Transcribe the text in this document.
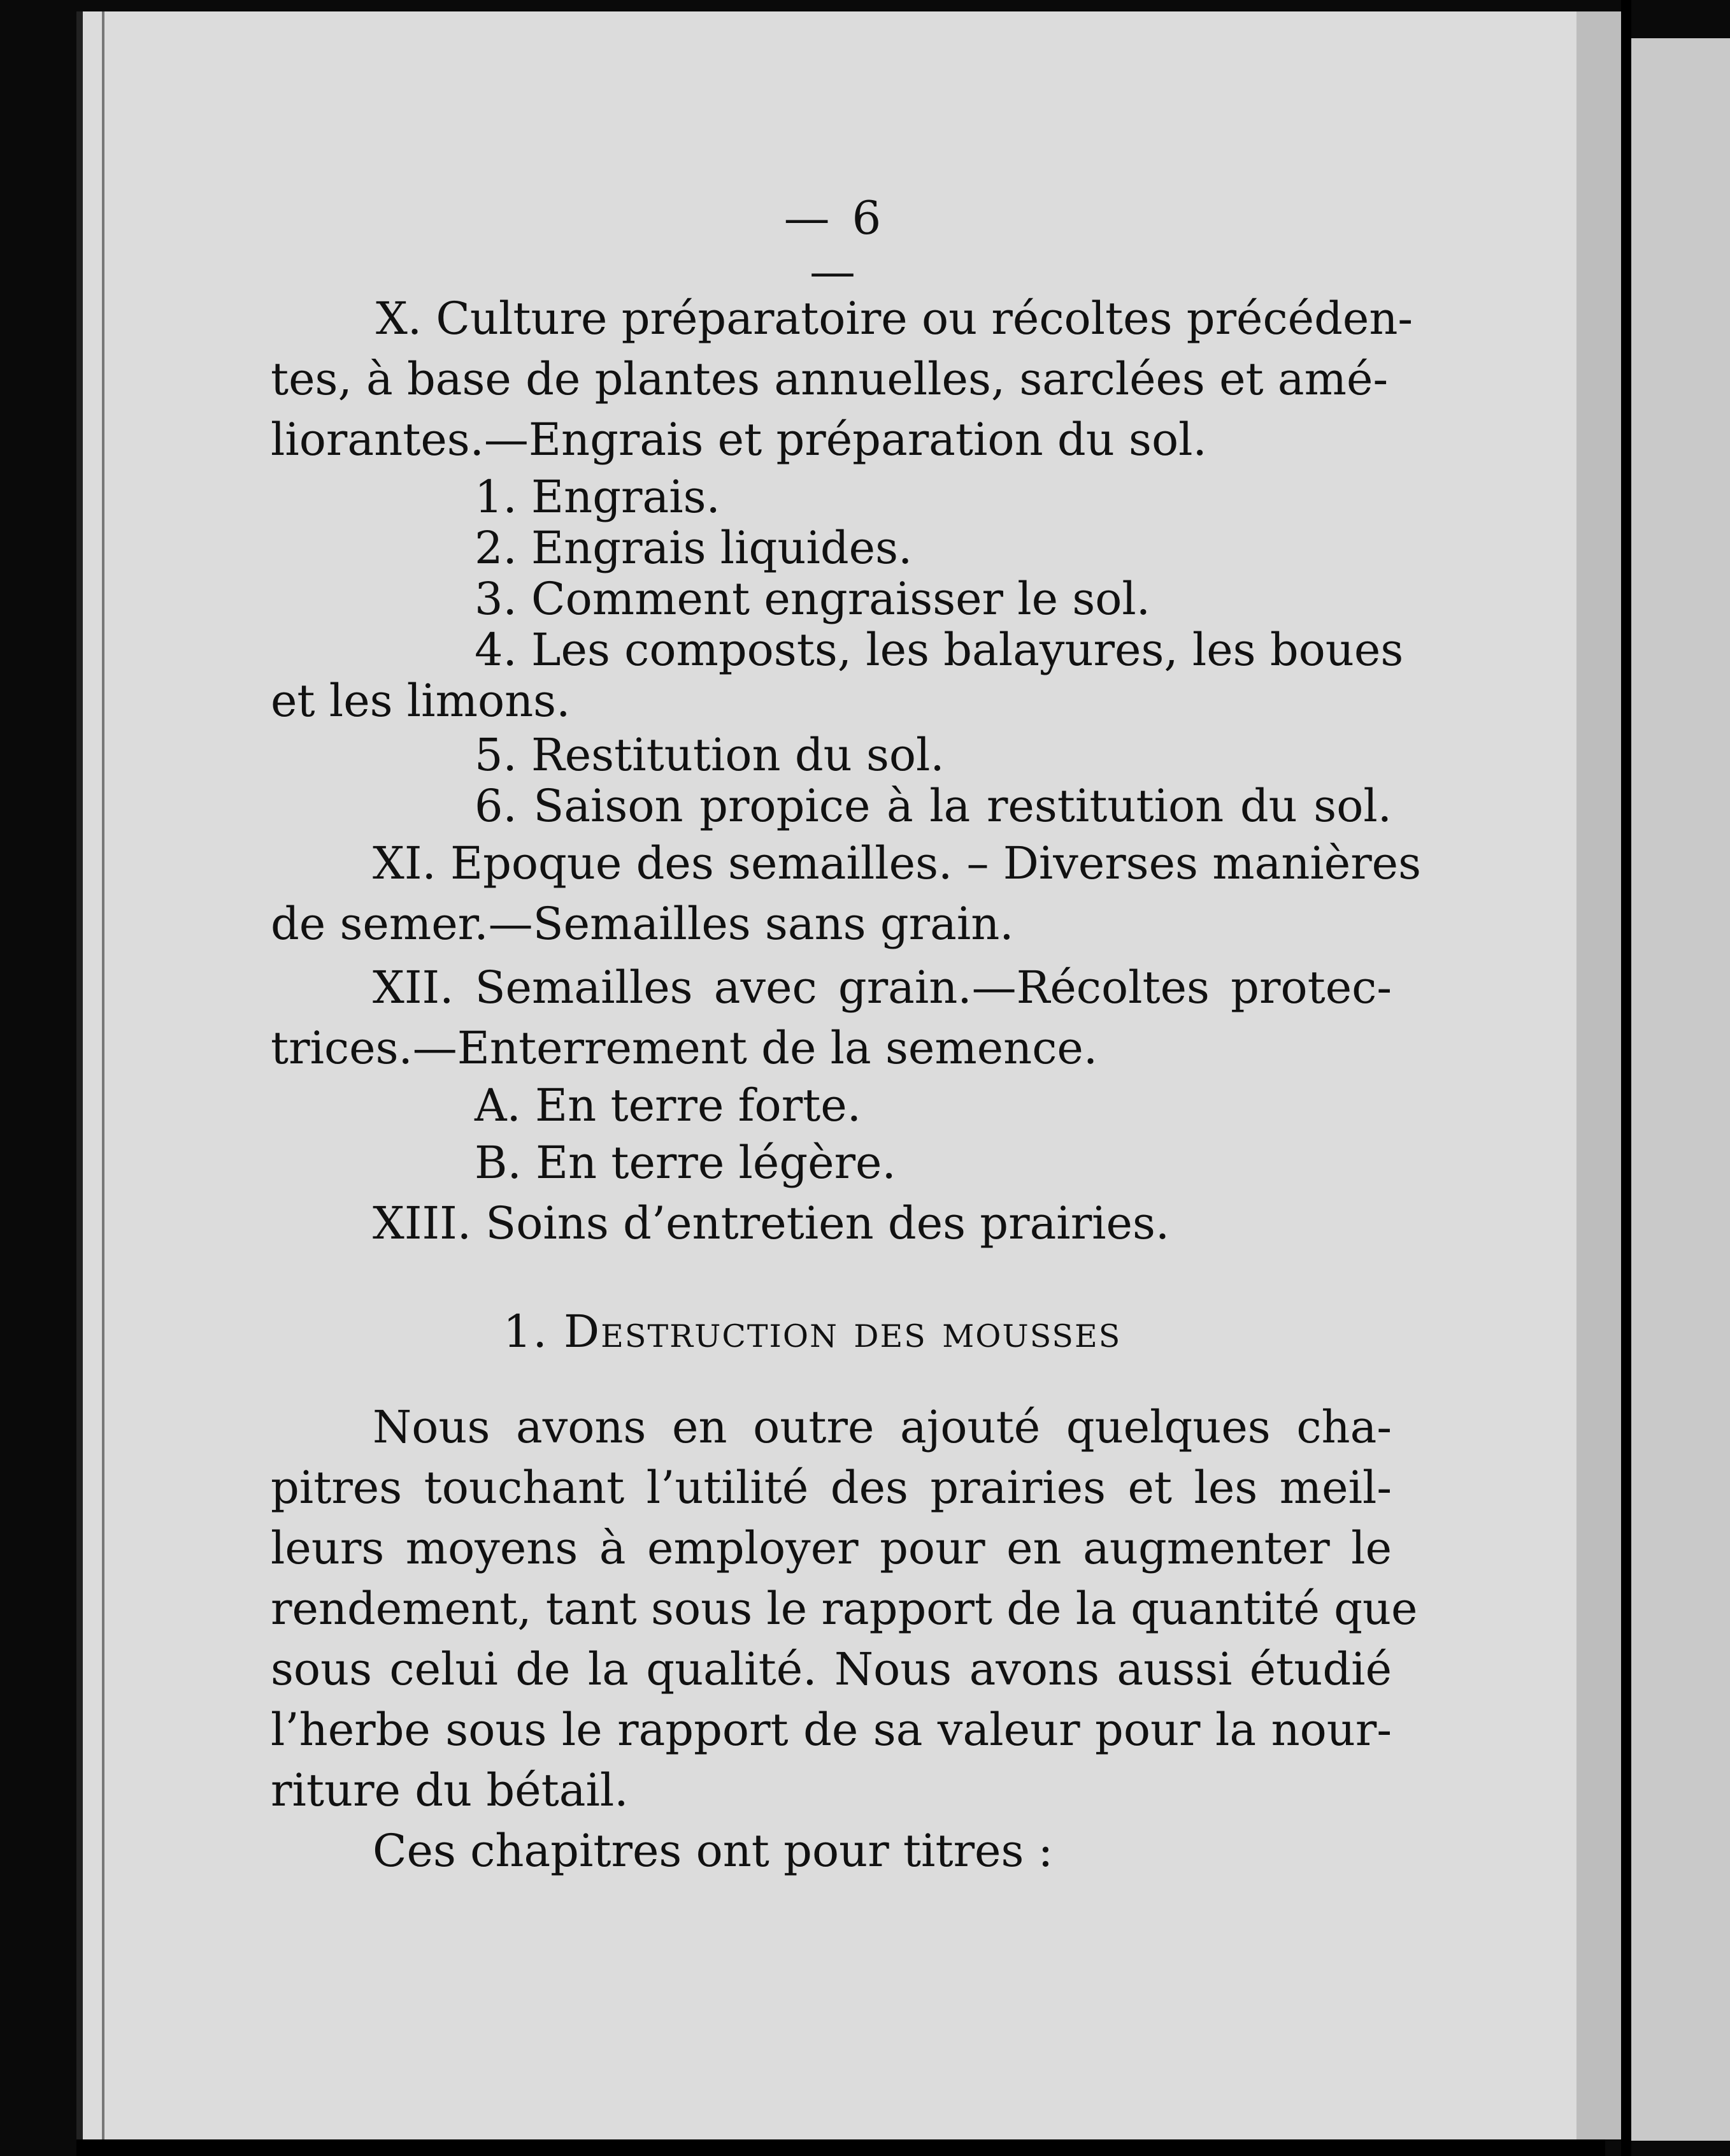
— 6 —
X. Culture préparatoire ou récoltes précéden-
tes, à base de plantes annuelles, sarclées et amé-
liorantes.—Engrais et préparation du sol.
1. Engrais.
2. Engrais liquides.
3. Comment engraisser le sol.
4. Les composts, les balayures, les boues
et les limons.
5. Restitution du sol.
6. Saison propice à la restitution du sol.
XI. Epoque des semailles. – Diverses manières
de semer.—Semailles sans grain.
XII. Semailles avec grain.—Récoltes protec-
trices.—Enterrement de la semence.
A. En terre forte.
B. En terre légère.
XIII. Soins d’entretien des prairies.
1. Destruction des mousses
Nous avons en outre ajouté quelques cha-
pitres touchant l’utilité des prairies et les meil-
leurs moyens à employer pour en augmenter le
rendement, tant sous le rapport de la quantité que
sous celui de la qualité. Nous avons aussi étudié
l’herbe sous le rapport de sa valeur pour la nour-
riture du bétail.
Ces chapitres ont pour titres :
